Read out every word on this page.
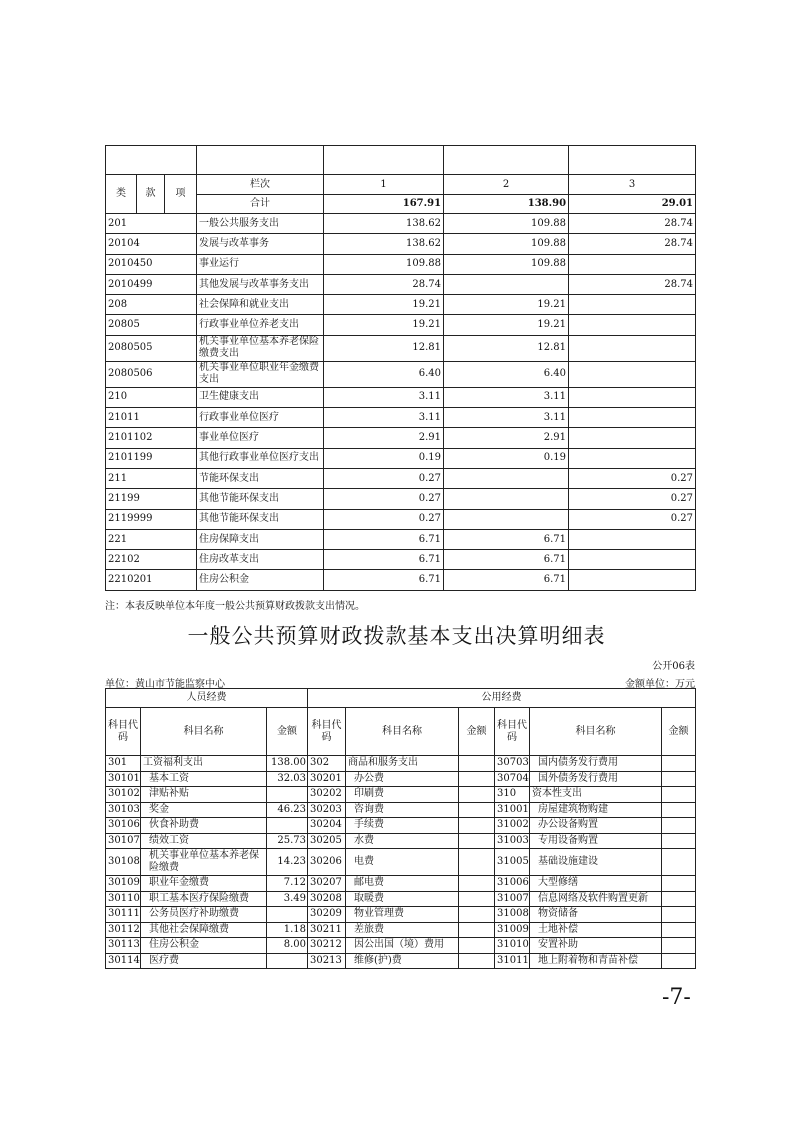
类	款	项	栏次	1	2	3
			合计	167.91	138.90	29.01
201			一般公共服务支出	138.62	109.88	28.74
20104			发展与改革事务	138.62	109.88	28.74
2010450			事业运行	109.88	109.88	
2010499			其他发展与改革事务支出	28.74		28.74
208			社会保障和就业支出	19.21	19.21	
20805			行政事业单位养老支出	19.21	19.21	
2080505			机关事业单位基本养老保险缴费支出	12.81	12.81	
2080506			机关事业单位职业年金缴费支出	6.40	6.40	
210			卫生健康支出	3.11	3.11	
21011			行政事业单位医疗	3.11	3.11	
2101102			事业单位医疗	2.91	2.91	
2101199			其他行政事业单位医疗支出	0.19	0.19	
211			节能环保支出	0.27		0.27
21199			其他节能环保支出	0.27		0.27
2119999			其他节能环保支出	0.27		0.27
221			住房保障支出	6.71	6.71	
22102			住房改革支出	6.71	6.71	
2210201			住房公积金	6.71	6.71	
注：本表反映单位本年度一般公共预算财政拨款支出情况。
一般公共预算财政拨款基本支出决算明细表
公开06表
单位：黄山市节能监察中心	金额单位：万元
人员经费			公用经费					
科目代码	科目名称	金额	科目代码	科目名称	金额	科目代码	科目名称	金额
301	工资福利支出	138.00	302	商品和服务支出		30703	国内债务发行费用	
30101	基本工资	32.03	30201	办公费		30704	国外债务发行费用	
30102	津贴补贴		30202	印刷费		310	资本性支出	
30103	奖金	46.23	30203	咨询费		31001	房屋建筑物购建	
30106	伙食补助费		30204	手续费		31002	办公设备购置	
30107	绩效工资	25.73	30205	水费		31003	专用设备购置	
30108	机关事业单位基本养老保险缴费	14.23	30206	电费		31005	基础设施建设	
30109	职业年金缴费	7.12	30207	邮电费		31006	大型修缮	
30110	职工基本医疗保险缴费	3.49	30208	取暖费		31007	信息网络及软件购置更新	
30111	公务员医疗补助缴费		30209	物业管理费		31008	物资储备	
30112	其他社会保障缴费	1.18	30211	差旅费		31009	土地补偿	
30113	住房公积金	8.00	30212	因公出国（境）费用		31010	安置补助	
30114	医疗费		30213	维修(护)费		31011	地上附着物和青苗补偿	
-7-
